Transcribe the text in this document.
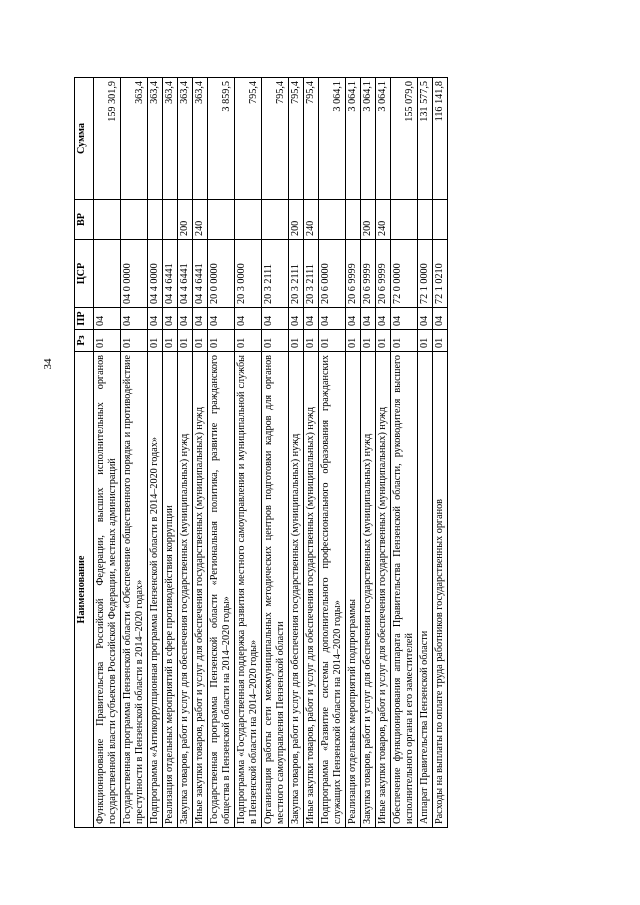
34
Наименование	Рз	ПР	ЦСР	ВР	Сумма
Функционирование Правительства Российской Федерации, высших исполнительных органов государственной власти субъектов Российской Федерации, местных администраций	01	04			159 301,9
Государственная программа Пензенской области «Обеспечение общественного порядка и противодействие преступности в Пензенской области в 2014–2020 годах»	01	04	04 0 0000		363,4
Подпрограмма «Антикоррупционная программа Пензенской области в 2014–2020 годах»	01	04	04 4 0000		363,4
Реализация отдельных мероприятий в сфере противодействия коррупции	01	04	04 4 6441		363,4
Закупка товаров, работ и услуг для обеспечения государственных (муниципальных) нужд	01	04	04 4 6441	200	363,4
Иные закупки товаров, работ и услуг для обеспечения государственных (муниципальных) нужд	01	04	04 4 6441	240	363,4
Государственная программа Пензенской области «Региональная политика, развитие гражданского общества в Пензенской области на 2014–2020 годы»	01	04	20 0 0000		3 859,5
Подпрограмма «Государственная поддержка развития местного самоуправления и муниципальной службы в Пензенской области на 2014–2020 годы»	01	04	20 3 0000		795,4
Организация работы сети межмуниципальных методических центров подготовки кадров для органов местного самоуправления Пензенской области	01	04	20 3 2111		795,4
Закупка товаров, работ и услуг для обеспечения государственных (муниципальных) нужд	01	04	20 3 2111	200	795,4
Иные закупки товаров, работ и услуг для обеспечения государственных (муниципальных) нужд	01	04	20 3 2111	240	795,4
Подпрограмма «Развитие системы дополнительного профессионального образования гражданских служащих Пензенской области на 2014–2020 годы»	01	04	20 6 0000		3 064,1
Реализация отдельных мероприятий подпрограммы	01	04	20 6 9999		3 064,1
Закупка товаров, работ и услуг для обеспечения государственных (муниципальных) нужд	01	04	20 6 9999	200	3 064,1
Иные закупки товаров, работ и услуг для обеспечения государственных (муниципальных) нужд	01	04	20 6 9999	240	3 064,1
Обеспечение функционирования аппарата Правительства Пензенской области, руководителя высшего исполнительного органа и его заместителей	01	04	72 0 0000		155 079,0
Аппарат Правительства Пензенской области	01	04	72 1 0000		131 577,5
Расходы на выплаты по оплате труда работников государственных органов	01	04	72 1 0210		116 141,8
